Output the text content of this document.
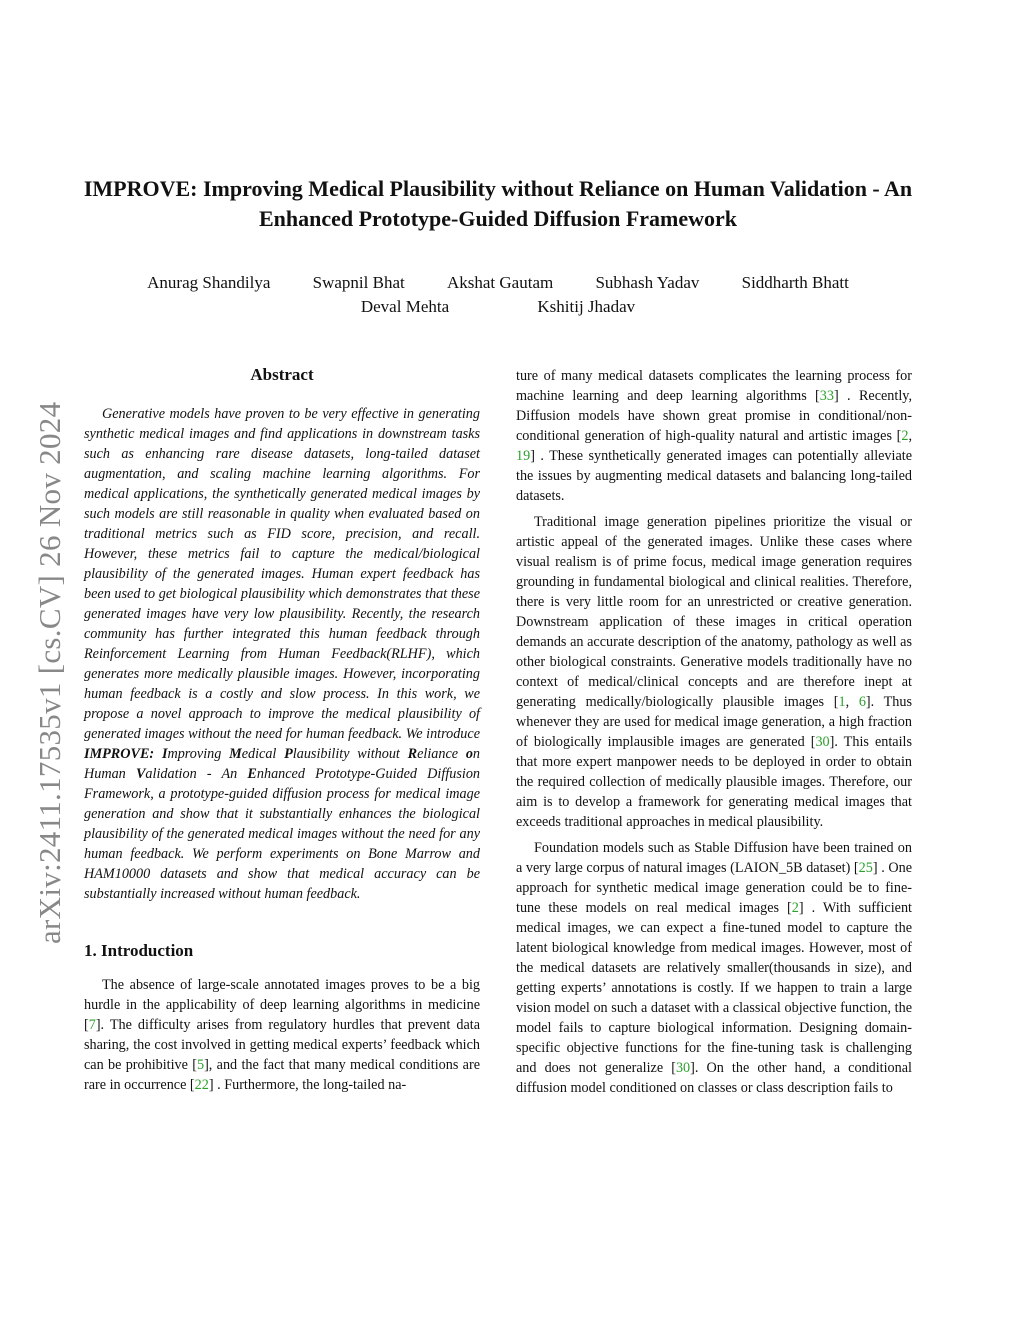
arXiv:2411.17535v1 [cs.CV] 26 Nov 2024
IMPROVE: Improving Medical Plausibility without Reliance on Human Validation - An Enhanced Prototype-Guided Diffusion Framework
Anurag Shandilya Swapnil Bhat Akshat Gautam Subhash Yadav Siddharth Bhatt
Deval Mehta	Kshitij Jhadav
Abstract

Generative models have proven to be very effective in generating synthetic medical images and find applications in downstream tasks such as enhancing rare disease datasets, long-tailed dataset augmentation, and scaling machine learning algorithms. For medical applications, the synthetically generated medical images by such models are still reasonable in quality when evaluated based on traditional metrics such as FID score, precision, and recall. However, these metrics fail to capture the medical/biological plausibility of the generated images. Human expert feedback has been used to get biological plausibility which demonstrates that these generated images have very low plausibility. Recently, the research community has further integrated this human feedback through Reinforcement Learning from Human Feedback(RLHF), which generates more medically plausible images. However, incorporating human feedback is a costly and slow process. In this work, we propose a novel approach to improve the medical plausibility of generated images without the need for human feedback. We introduce IMPROVE: Improving Medical Plausibility without Reliance on Human Validation - An Enhanced Prototype-Guided Diffusion Framework, a prototype-guided diffusion process for medical image generation and show that it substantially enhances the biological plausibility of the generated medical images without the need for any human feedback. We perform experiments on Bone Marrow and HAM10000 datasets and show that medical accuracy can be substantially increased without human feedback.

1. Introduction

The absence of large-scale annotated images proves to be a big hurdle in the applicability of deep learning algorithms in medicine [7]. The difficulty arises from regulatory hurdles that prevent data sharing, the cost involved in getting medical experts’ feedback which can be prohibitive [5], and the fact that many medical conditions are rare in occurrence [22] . Furthermore, the long-tailed na-

ture of many medical datasets complicates the learning process for machine learning and deep learning algorithms [33] . Recently, Diffusion models have shown great promise in conditional/non-conditional generation of high-quality natural and artistic images [2, 19] . These synthetically generated images can potentially alleviate the issues by augmenting medical datasets and balancing long-tailed datasets.

Traditional image generation pipelines prioritize the visual or artistic appeal of the generated images. Unlike these cases where visual realism is of prime focus, medical image generation requires grounding in fundamental biological and clinical realities. Therefore, there is very little room for an unrestricted or creative generation. Downstream application of these images in critical operation demands an accurate description of the anatomy, pathology as well as other biological constraints. Generative models traditionally have no context of medical/clinical concepts and are therefore inept at generating medically/biologically plausible images [1, 6]. Thus whenever they are used for medical image generation, a high fraction of biologically implausible images are generated [30]. This entails that more expert manpower needs to be deployed in order to obtain the required collection of medically plausible images. Therefore, our aim is to develop a framework for generating medical images that exceeds traditional approaches in medical plausibility.

Foundation models such as Stable Diffusion have been trained on a very large corpus of natural images (LAION_5B dataset) [25] . One approach for synthetic medical image generation could be to fine-tune these models on real medical images [2] . With sufficient medical images, we can expect a fine-tuned model to capture the latent biological knowledge from medical images. However, most of the medical datasets are relatively smaller(thousands in size), and getting experts’ annotations is costly. If we happen to train a large vision model on such a dataset with a classical objective function, the model fails to capture biological information. Designing domain-specific objective functions for the fine-tuning task is challenging and does not generalize [30]. On the other hand, a conditional diffusion model conditioned on classes or class description fails to
